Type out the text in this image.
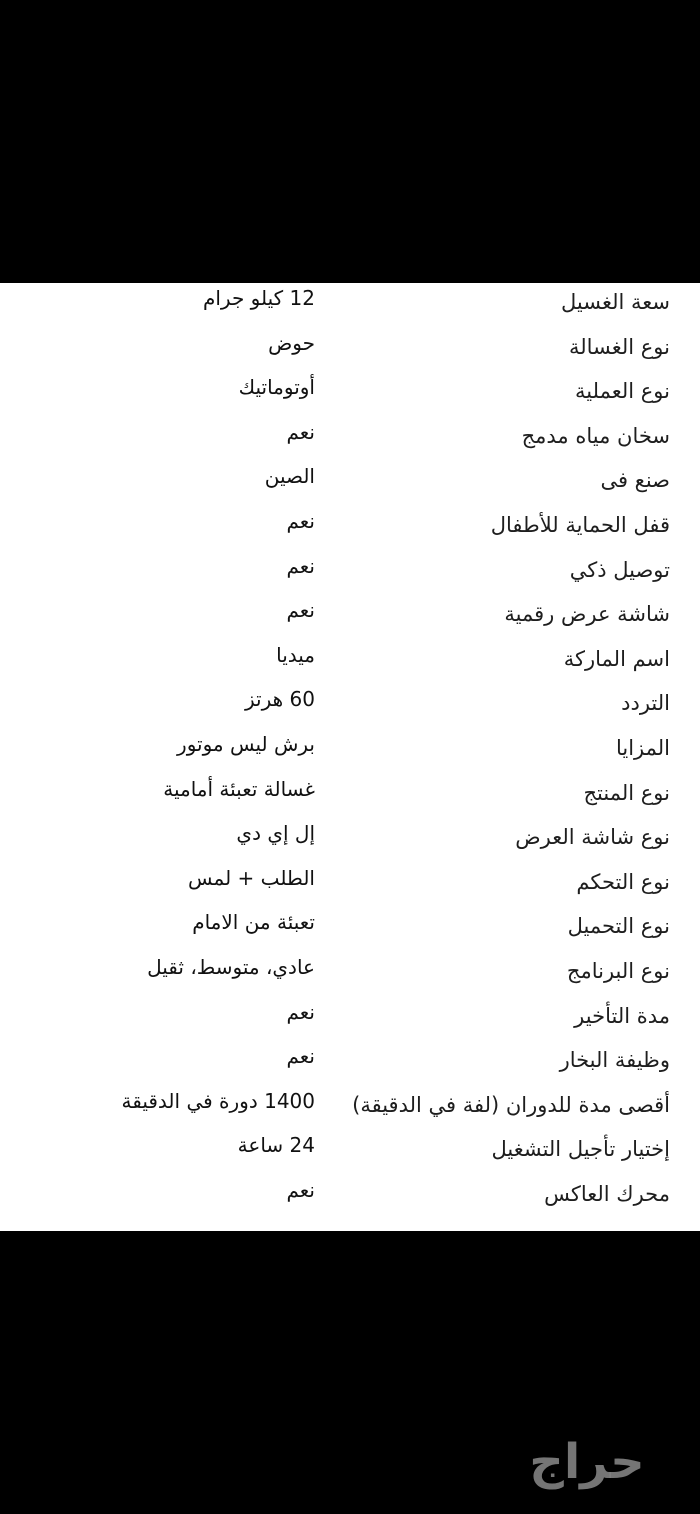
سعة الغسيل
12 كيلو جرام
نوع الغسالة
حوض
نوع العملية
أوتوماتيك
سخان مياه مدمج
نعم
صنع فى
الصين
قفل الحماية للأطفال
نعم
توصيل ذكي
نعم
شاشة عرض رقمية
نعم
اسم الماركة
ميديا
التردد
60 هرتز
المزايا
برش ليس موتور
نوع المنتج
غسالة تعبئة أمامية
نوع شاشة العرض
إل إي دي
نوع التحكم
الطلب + لمس
نوع التحميل
تعبئة من الامام
نوع البرنامج
عادي، متوسط، ثقيل
مدة التأخير
نعم
وظيفة البخار
نعم
أقصى مدة للدوران (لفة في الدقيقة)
1400 دورة في الدقيقة
إختيار تأجيل التشغيل
24 ساعة
محرك العاكس
نعم
حراج
